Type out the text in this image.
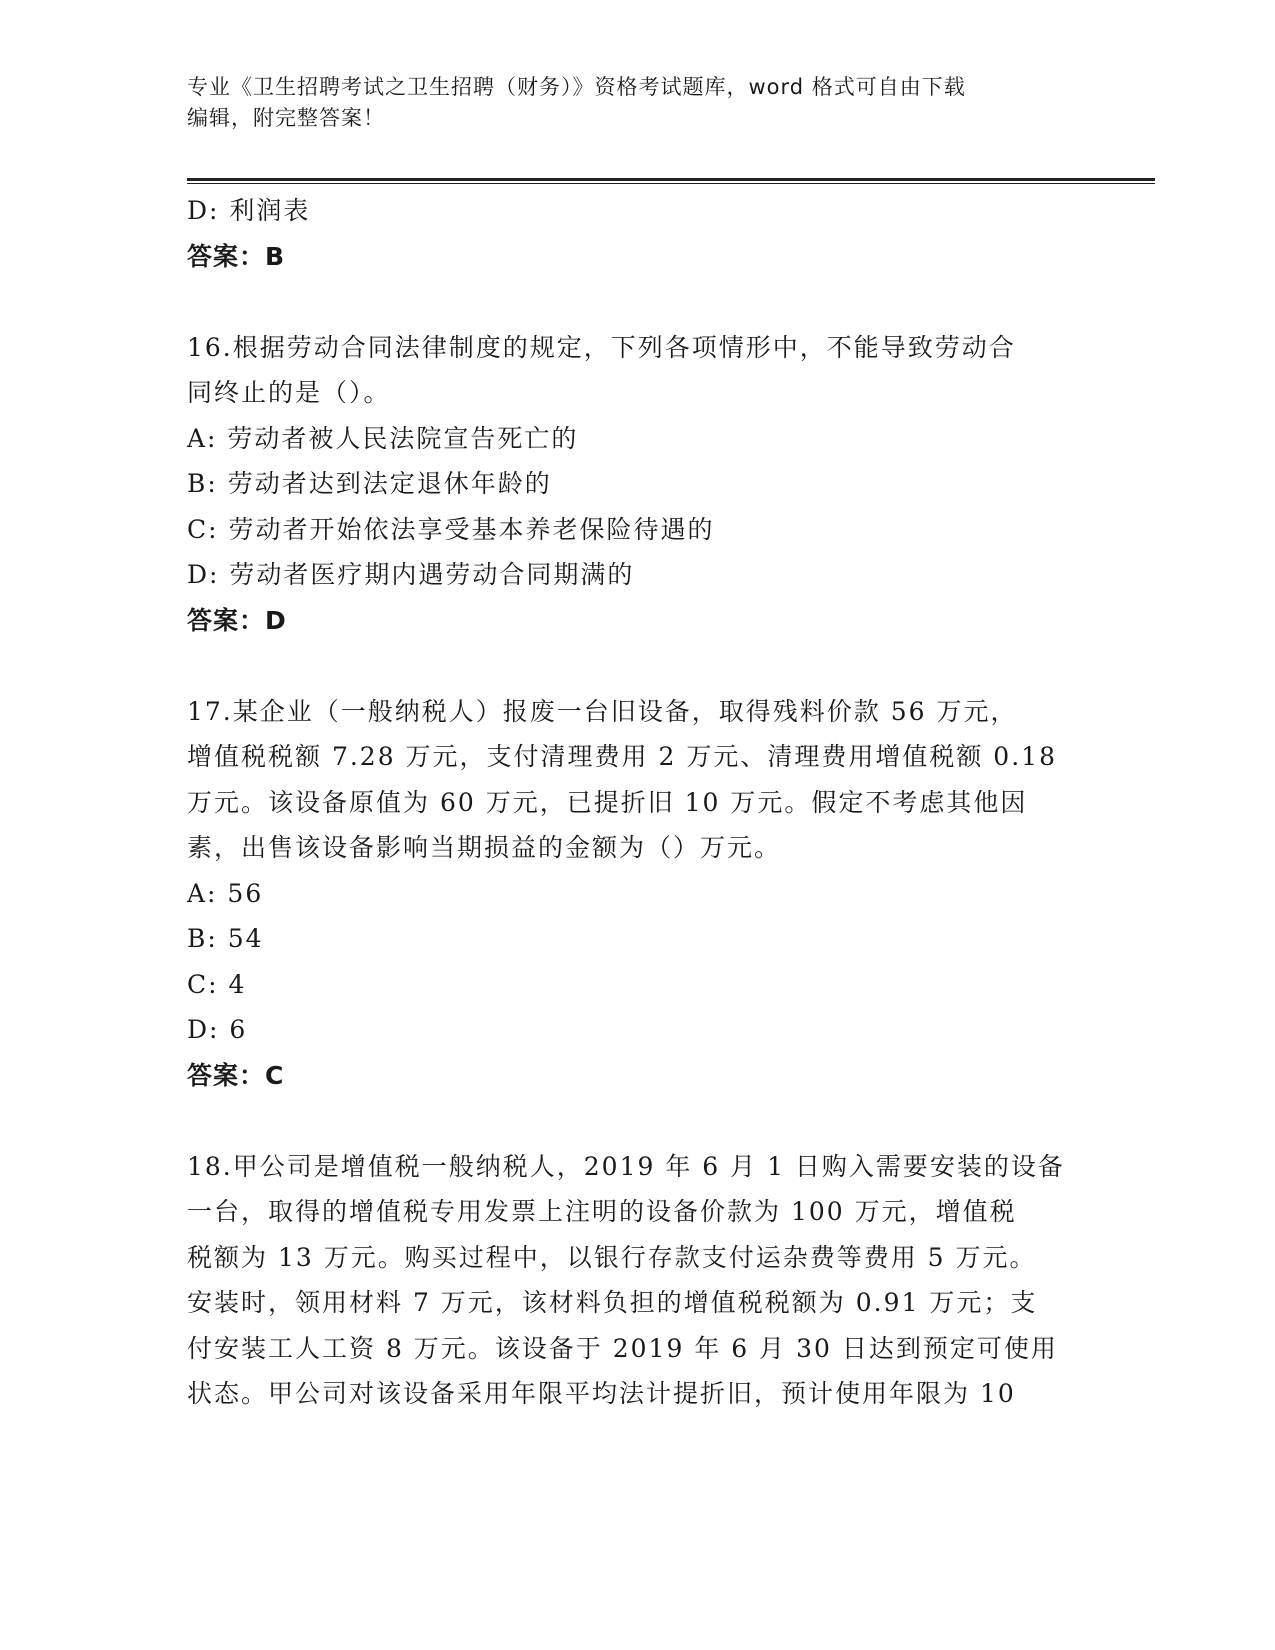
专业《卫生招聘考试之卫生招聘（财务）》资格考试题库，word 格式可自由下载
编辑，附完整答案！
D: 利润表
答案：B
16.根据劳动合同法律制度的规定，下列各项情形中，不能导致劳动合
同终止的是（）。
A: 劳动者被人民法院宣告死亡的
B: 劳动者达到法定退休年龄的
C: 劳动者开始依法享受基本养老保险待遇的
D: 劳动者医疗期内遇劳动合同期满的
答案：D
17.某企业（一般纳税人）报废一台旧设备，取得残料价款 56 万元，
增值税税额 7.28 万元，支付清理费用 2 万元、清理费用增值税额 0.18
万元。该设备原值为 60 万元，已提折旧 10 万元。假定不考虑其他因
素，出售该设备影响当期损益的金额为（）万元。
A: 56
B: 54
C: 4
D: 6
答案：C
18.甲公司是增值税一般纳税人，2019 年 6 月 1 日购入需要安装的设备
一台，取得的增值税专用发票上注明的设备价款为 100 万元，增值税
税额为 13 万元。购买过程中，以银行存款支付运杂费等费用 5 万元。
安装时，领用材料 7 万元，该材料负担的增值税税额为 0.91 万元；支
付安装工人工资 8 万元。该设备于 2019 年 6 月 30 日达到预定可使用
状态。甲公司对该设备采用年限平均法计提折旧，预计使用年限为 10
